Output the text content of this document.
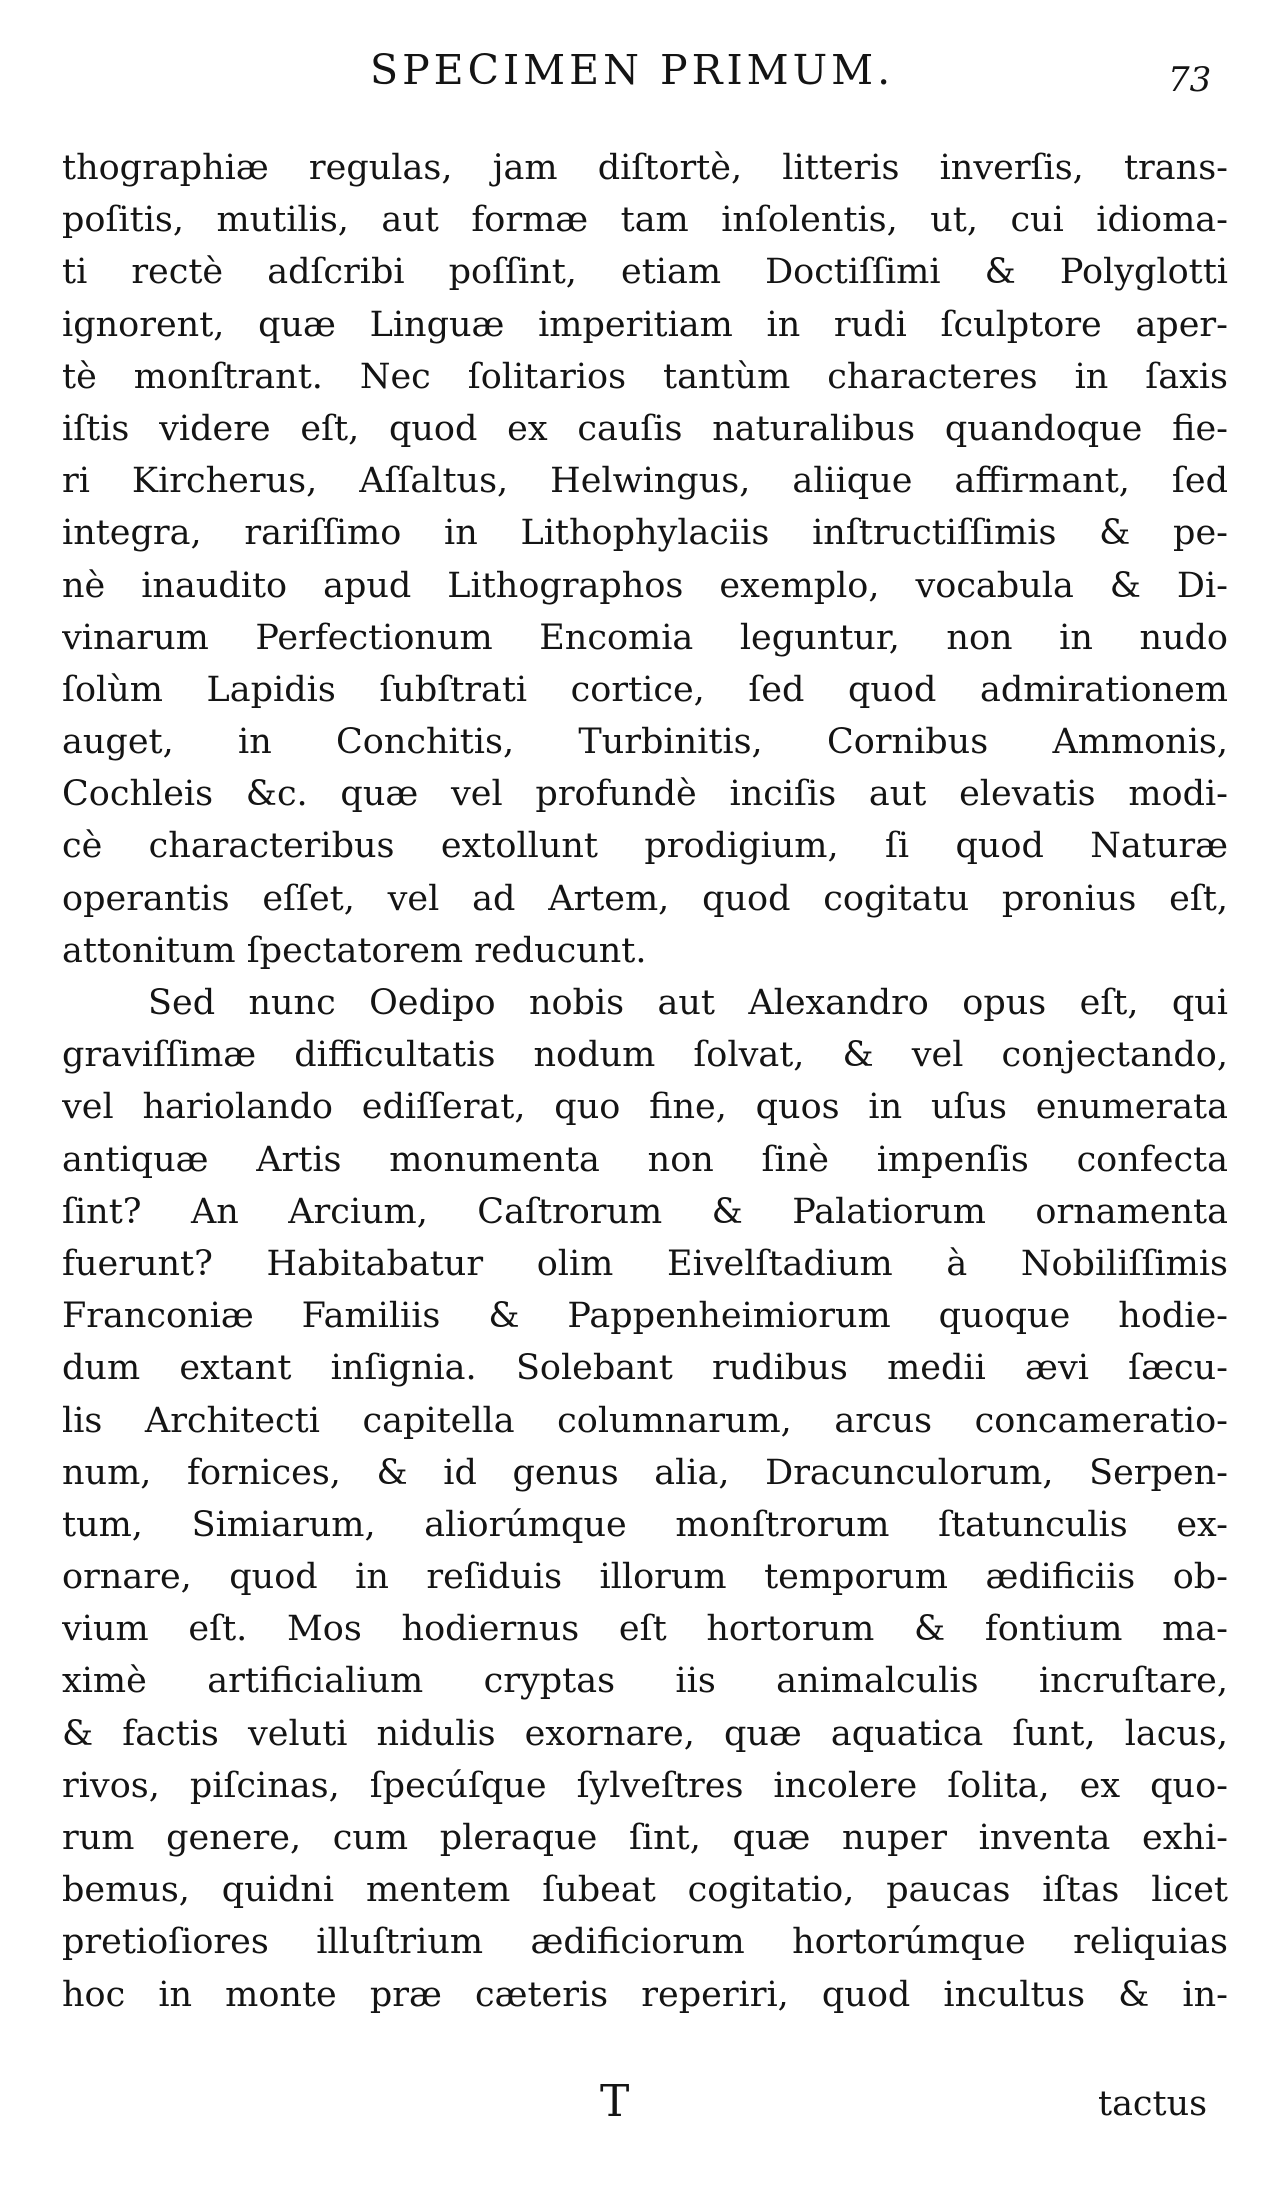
SPECIMEN PRIMUM.	73
thographiæ regulas, jam diſtortè, litteris inverſis, trans-
poſitis, mutilis, aut formæ tam inſolentis, ut, cui idioma-
ti rectè adſcribi poſſint, etiam Doctiſſimi & Polyglotti
ignorent, quæ Linguæ imperitiam in rudi ſculptore aper-
tè monſtrant. Nec ſolitarios tantùm characteres in ſaxis
iſtis videre eſt, quod ex cauſis naturalibus quandoque fie-
ri Kircherus, Aſſaltus, Helwingus, aliique affirmant, ſed
integra, rariſſimo in Lithophylaciis inſtructiſſimis & pe-
nè inaudito apud Lithographos exemplo, vocabula & Di-
vinarum Perfectionum Encomia leguntur, non in nudo
ſolùm Lapidis ſubſtrati cortice, ſed quod admirationem
auget, in Conchitis, Turbinitis, Cornibus Ammonis,
Cochleis &c. quæ vel profundè inciſis aut elevatis modi-
cè characteribus extollunt prodigium, ſi quod Naturæ
operantis eſſet, vel ad Artem, quod cogitatu pronius eſt,
attonitum ſpectatorem reducunt.
Sed nunc Oedipo nobis aut Alexandro opus eſt, qui
graviſſimæ difficultatis nodum ſolvat, & vel conjectando,
vel hariolando ediſſerat, quo fine, quos in uſus enumerata
antiquæ Artis monumenta non ſinè impenſis confecta
ſint? An Arcium, Caſtrorum & Palatiorum ornamenta
fuerunt? Habitabatur olim Eivelſtadium à Nobiliſſimis
Franconiæ Familiis & Pappenheimiorum quoque hodie-
dum extant inſignia. Solebant rudibus medii ævi ſæcu-
lis Architecti capitella columnarum, arcus concameratio-
num, fornices, & id genus alia, Dracunculorum, Serpen-
tum, Simiarum, aliorúmque monſtrorum ſtatunculis ex-
ornare, quod in reſiduis illorum temporum ædificiis ob-
vium eſt. Mos hodiernus eſt hortorum & fontium ma-
ximè artificialium cryptas iis animalculis incruſtare,
& factis veluti nidulis exornare, quæ aquatica ſunt, lacus,
rivos, piſcinas, ſpecúſque ſylveſtres incolere ſolita, ex quo-
rum genere, cum pleraque ſint, quæ nuper inventa exhi-
bemus, quidni mentem ſubeat cogitatio, paucas iſtas licet
pretioſiores illuſtrium ædificiorum hortorúmque reliquias
hoc in monte præ cæteris reperiri, quod incultus & in-
T	tactus
